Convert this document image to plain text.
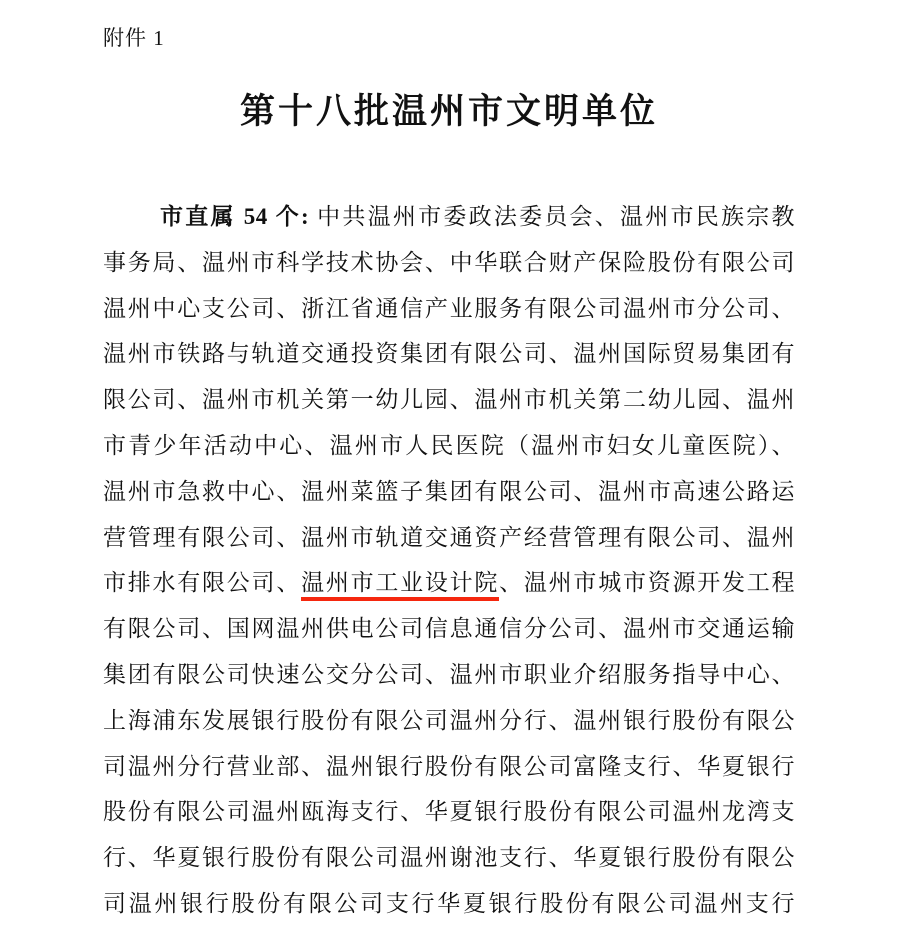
附件 1
第十八批温州市文明单位
市直属 54 个: 中共温州市委政法委员会、温州市民族宗教
事务局、温州市科学技术协会、中华联合财产保险股份有限公司
温州中心支公司、浙江省通信产业服务有限公司温州市分公司、
温州市铁路与轨道交通投资集团有限公司、温州国际贸易集团有
限公司、温州市机关第一幼儿园、温州市机关第二幼儿园、温州
市青少年活动中心、温州市人民医院（温州市妇女儿童医院）、
温州市急救中心、温州菜篮子集团有限公司、温州市高速公路运
营管理有限公司、温州市轨道交通资产经营管理有限公司、温州
市排水有限公司、温州市工业设计院、温州市城市资源开发工程
有限公司、国网温州供电公司信息通信分公司、温州市交通运输
集团有限公司快速公交分公司、温州市职业介绍服务指导中心、
上海浦东发展银行股份有限公司温州分行、温州银行股份有限公
司温州分行营业部、温州银行股份有限公司富隆支行、华夏银行
股份有限公司温州瓯海支行、华夏银行股份有限公司温州龙湾支
行、华夏银行股份有限公司温州谢池支行、华夏银行股份有限公
司温州银行股份有限公司支行华夏银行股份有限公司温州支行
